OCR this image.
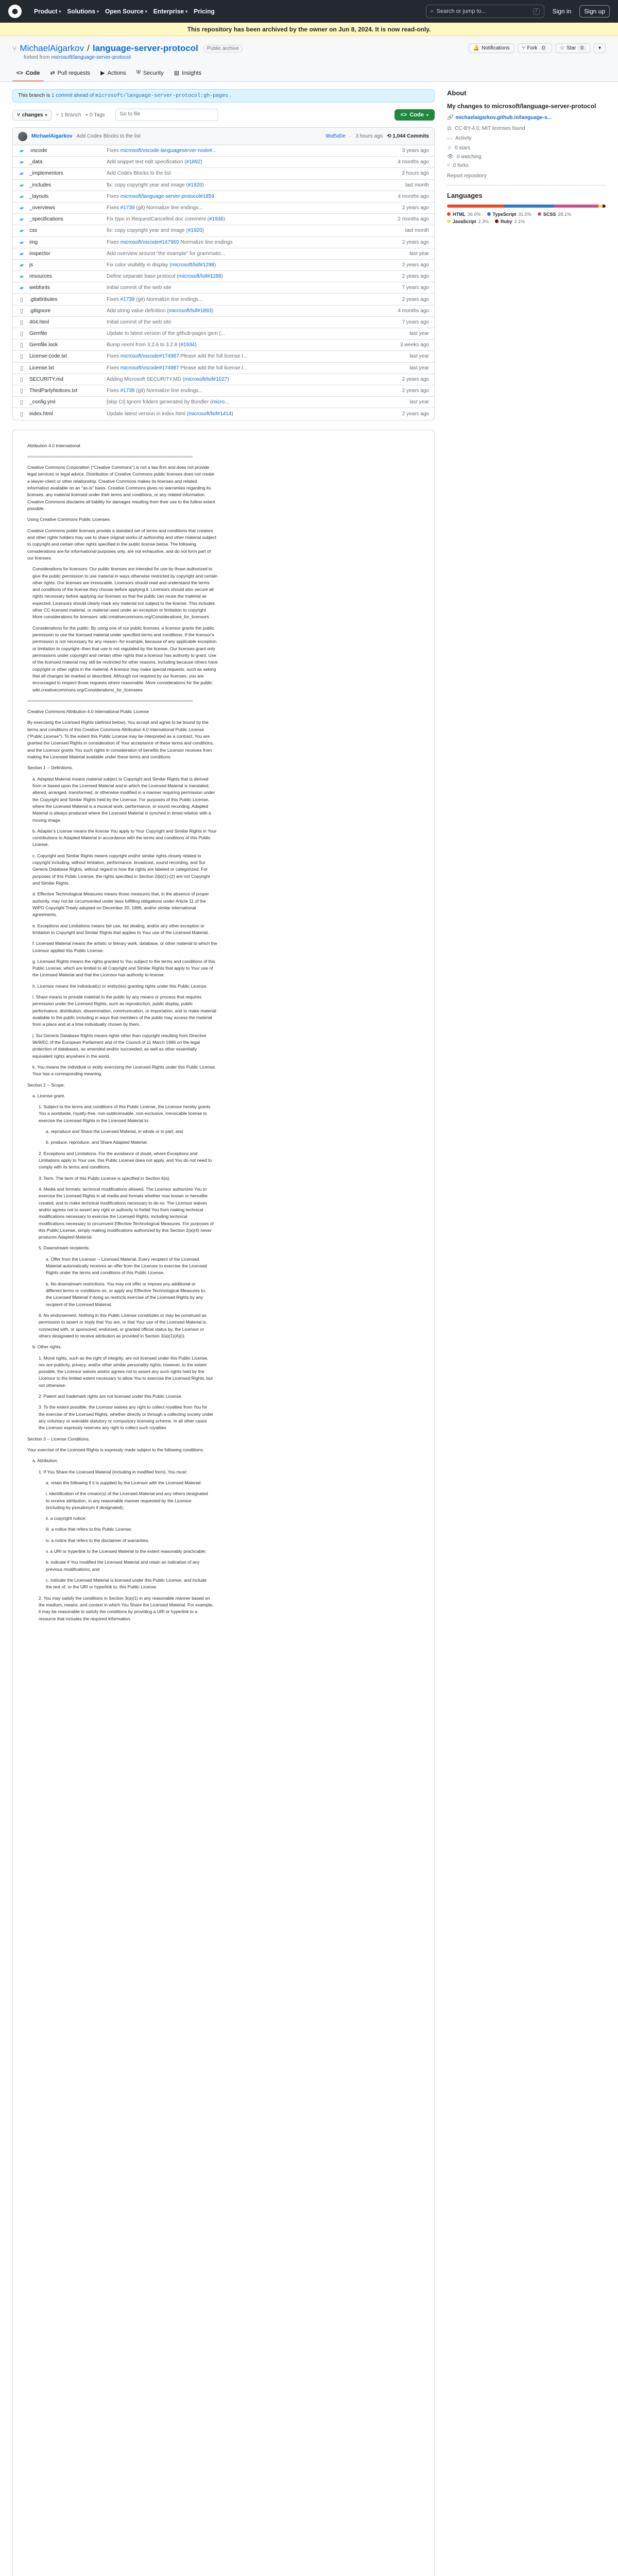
●	Product ▾ Solutions ▾ Open Source ▾ Enterprise ▾ Pricing	⌕ Search or jump to...	/	Sign in	Sign up
This repository has been archived by the owner on Jun 8, 2024. It is now read-only.
⑂ MichaelAigarkov / language-server-protocol	Public archive
forked from microsoft/language-server-protocol
<> Code ⇄ Pull requests ▶ Actions ⛨ Security ▤ Insights
🔔 Notifications ⑂ Fork 0	☆ Star 0	▾
This branch is 1 commit ahead of microsoft/language-server-protocol:gh-pages .
⑂ changes ▾ ⑂ 1 Branch ⌖ 0 Tags	Go to file	<> Code ▾
MichaelAigarkov Add Codex Blocks to the list	9bd5d0e · 3 hours ago ⟲ 1,044 Commits
▰ .vscode	Fixes microsoft/vscode-languageserver-node#...	3 years ago
▰ _data	Add snippet text edit specification (#1892)	4 months ago
▰ _implementors	Add Codex Blocks to the list	3 hours ago
▰ _includes	fix: copy copyright year and image (#1920)	last month
▰ _layouts	Fixes microsoft/language-server-protocol#1859	4 months ago
▰ _overviews	Fixes #1739 (git) Normalize line endings...	2 years ago
▰ _specifications	Fix typo in RequestCancelled doc comment (#1936)	2 months ago
▰ css	fix: copy copyright year and image (#1920)	last month
▰ img	Fixes microsoft/vscode#147960 Normalize line endings	2 years ago
▰ inspector	Add overview around "the example" for grammatic...	last year
▰ js	Fix color visibility in display (microsoft/lsif#1298)	2 years ago
▰ resources	Define separate base protocol (microsoft/lsif#1288)	2 years ago
▰ webfonts	Initial commit of the web site	7 years ago
▯	.gitattributes	Fixes #1739 (git) Normalize line endings...	2 years ago
▯	.gitignore	Add string value definition (microsoft/lsif#1893)	4 months ago
▯	404.html	Initial commit of the web site	7 years ago
▯	Gemfile	Update to latest version of the github-pages gem (...	last year
▯	Gemfile.lock	Bump rexml from 3.2.6 to 3.2.8 (#1934)	3 weeks ago
▯	License-code.txt	Fixes microsoft/vscode#174987 Please add the full license t...	last year
▯	License.txt	Fixes microsoft/vscode#174987 Please add the full license t...	last year
▯	SECURITY.md	Adding Microsoft SECURITY.MD (microsoft/lsif#1027)	2 years ago
▯	ThirdPartyNotices.txt	Fixes #1739 (git) Normalize line endings...	2 years ago
▯	_config.yml	[skip CI] Ignore folders generated by Bundler (micro...	last year
▯	index.html	Update latest version in index.html (microsoft/lsif#1414)	2 years ago

Attribution 4.0 International

=======================================================================

Creative Commons Corporation ("Creative Commons") is not a law firm and does not provide legal services or legal advice. Distribution of Creative Commons public licenses does not create a lawyer-client or other relationship. Creative Commons makes its licenses and related information available on an "as-is" basis. Creative Commons gives no warranties regarding its licenses, any material licensed under their terms and conditions, or any related information. Creative Commons disclaims all liability for damages resulting from their use to the fullest extent possible.

Using Creative Commons Public Licenses

Creative Commons public licenses provide a standard set of terms and conditions that creators and other rights holders may use to share original works of authorship and other material subject to copyright and certain other rights specified in the public license below. The following considerations are for informational purposes only, are not exhaustive, and do not form part of our licenses.

Considerations for licensors: Our public licenses are intended for use by those authorized to give the public permission to use material in ways otherwise restricted by copyright and certain other rights. Our licenses are irrevocable. Licensors should read and understand the terms and conditions of the license they choose before applying it. Licensors should also secure all rights necessary before applying our licenses so that the public can reuse the material as expected. Licensors should clearly mark any material not subject to the license. This includes other CC-licensed material, or material used under an exception or limitation to copyright. More considerations for licensors: wiki.creativecommons.org/Considerations_for_licensors

Considerations for the public: By using one of our public licenses, a licensor grants the public permission to use the licensed material under specified terms and conditions. If the licensor's permission is not necessary for any reason--for example, because of any applicable exception or limitation to copyright--then that use is not regulated by the license. Our licenses grant only permissions under copyright and certain other rights that a licensor has authority to grant. Use of the licensed material may still be restricted for other reasons, including because others have copyright or other rights in the material. A licensor may make special requests, such as asking that all changes be marked or described. Although not required by our licenses, you are encouraged to respect those requests where reasonable. More considerations for the public: wiki.creativecommons.org/Considerations_for_licensees

=======================================================================

Creative Commons Attribution 4.0 International Public License

By exercising the Licensed Rights (defined below), You accept and agree to be bound by the terms and conditions of this Creative Commons Attribution 4.0 International Public License ("Public License"). To the extent this Public License may be interpreted as a contract, You are granted the Licensed Rights in consideration of Your acceptance of these terms and conditions, and the Licensor grants You such rights in consideration of benefits the Licensor receives from making the Licensed Material available under these terms and conditions.

Section 1 -- Definitions.

a. Adapted Material means material subject to Copyright and Similar Rights that is derived from or based upon the Licensed Material and in which the Licensed Material is translated, altered, arranged, transformed, or otherwise modified in a manner requiring permission under the Copyright and Similar Rights held by the Licensor. For purposes of this Public License, where the Licensed Material is a musical work, performance, or sound recording, Adapted Material is always produced where the Licensed Material is synched in timed relation with a moving image.

b. Adapter's License means the license You apply to Your Copyright and Similar Rights in Your contributions to Adapted Material in accordance with the terms and conditions of this Public License.

c. Copyright and Similar Rights means copyright and/or similar rights closely related to copyright including, without limitation, performance, broadcast, sound recording, and Sui Generis Database Rights, without regard to how the rights are labeled or categorized. For purposes of this Public License, the rights specified in Section 2(b)(1)-(2) are not Copyright and Similar Rights.

d. Effective Technological Measures means those measures that, in the absence of proper authority, may not be circumvented under laws fulfilling obligations under Article 11 of the WIPO Copyright Treaty adopted on December 20, 1996, and/or similar international agreements.

e. Exceptions and Limitations means fair use, fair dealing, and/or any other exception or limitation to Copyright and Similar Rights that applies to Your use of the Licensed Material.

f. Licensed Material means the artistic or literary work, database, or other material to which the Licensor applied this Public License.

g. Licensed Rights means the rights granted to You subject to the terms and conditions of this Public License, which are limited to all Copyright and Similar Rights that apply to Your use of the Licensed Material and that the Licensor has authority to license.

h. Licensor means the individual(s) or entity(ies) granting rights under this Public License.

i. Share means to provide material to the public by any means or process that requires permission under the Licensed Rights, such as reproduction, public display, public performance, distribution, dissemination, communication, or importation, and to make material available to the public including in ways that members of the public may access the material from a place and at a time individually chosen by them.

j. Sui Generis Database Rights means rights other than copyright resulting from Directive 96/9/EC of the European Parliament and of the Council of 11 March 1996 on the legal protection of databases, as amended and/or succeeded, as well as other essentially equivalent rights anywhere in the world.

k. You means the individual or entity exercising the Licensed Rights under this Public License. Your has a corresponding meaning.

Section 2 -- Scope.

a. License grant.

1. Subject to the terms and conditions of this Public License, the Licensor hereby grants You a worldwide, royalty-free, non-sublicensable, non-exclusive, irrevocable license to exercise the Licensed Rights in the Licensed Material to:

a. reproduce and Share the Licensed Material, in whole or in part; and

b. produce, reproduce, and Share Adapted Material.

2. Exceptions and Limitations. For the avoidance of doubt, where Exceptions and Limitations apply to Your use, this Public License does not apply, and You do not need to comply with its terms and conditions.

3. Term. The term of this Public License is specified in Section 6(a).

4. Media and formats; technical modifications allowed. The Licensor authorizes You to exercise the Licensed Rights in all media and formats whether now known or hereafter created, and to make technical modifications necessary to do so. The Licensor waives and/or agrees not to assert any right or authority to forbid You from making technical modifications necessary to exercise the Licensed Rights, including technical modifications necessary to circumvent Effective Technological Measures. For purposes of this Public License, simply making modifications authorized by this Section 2(a)(4) never produces Adapted Material.

5. Downstream recipients.

a. Offer from the Licensor -- Licensed Material. Every recipient of the Licensed Material automatically receives an offer from the Licensor to exercise the Licensed Rights under the terms and conditions of this Public License.

b. No downstream restrictions. You may not offer or impose any additional or different terms or conditions on, or apply any Effective Technological Measures to, the Licensed Material if doing so restricts exercise of the Licensed Rights by any recipient of the Licensed Material.

6. No endorsement. Nothing in this Public License constitutes or may be construed as permission to assert or imply that You are, or that Your use of the Licensed Material is, connected with, or sponsored, endorsed, or granted official status by, the Licensor or others designated to receive attribution as provided in Section 3(a)(1)(A)(i).

b. Other rights.

1. Moral rights, such as the right of integrity, are not licensed under this Public License, nor are publicity, privacy, and/or other similar personality rights; however, to the extent possible, the Licensor waives and/or agrees not to assert any such rights held by the Licensor to the limited extent necessary to allow You to exercise the Licensed Rights, but not otherwise.

2. Patent and trademark rights are not licensed under this Public License.

3. To the extent possible, the Licensor waives any right to collect royalties from You for the exercise of the Licensed Rights, whether directly or through a collecting society under any voluntary or waivable statutory or compulsory licensing scheme. In all other cases the Licensor expressly reserves any right to collect such royalties.

Section 3 -- License Conditions.

Your exercise of the Licensed Rights is expressly made subject to the following conditions.

a. Attribution.

1. If You Share the Licensed Material (including in modified form), You must:

a. retain the following if it is supplied by the Licensor with the Licensed Material:

i. identification of the creator(s) of the Licensed Material and any others designated to receive attribution, in any reasonable manner requested by the Licensor (including by pseudonym if designated);

ii. a copyright notice;

iii. a notice that refers to this Public License;

iv. a notice that refers to the disclaimer of warranties;

v. a URI or hyperlink to the Licensed Material to the extent reasonably practicable;

b. indicate if You modified the Licensed Material and retain an indication of any previous modifications; and

c. indicate the Licensed Material is licensed under this Public License, and include the text of, or the URI or hyperlink to, this Public License.

2. You may satisfy the conditions in Section 3(a)(1) in any reasonable manner based on the medium, means, and context in which You Share the Licensed Material. For example, it may be reasonable to satisfy the conditions by providing a URI or hyperlink to a resource that includes the required information.

About
My changes to microsoft/language-server-protocol
🔗 michaelaigarkov.github.io/language-s...
⚖ CC-BY-4.0, MIT licenses found
〰 Activity
☆ 0 stars
👁 0 watching
⑂ 0 forks
Report repository
Languages
HTML 36.0%	TypeScript 31.5%	SCSS 28.1%
JavaScript 2.3%	Ruby 2.1%
